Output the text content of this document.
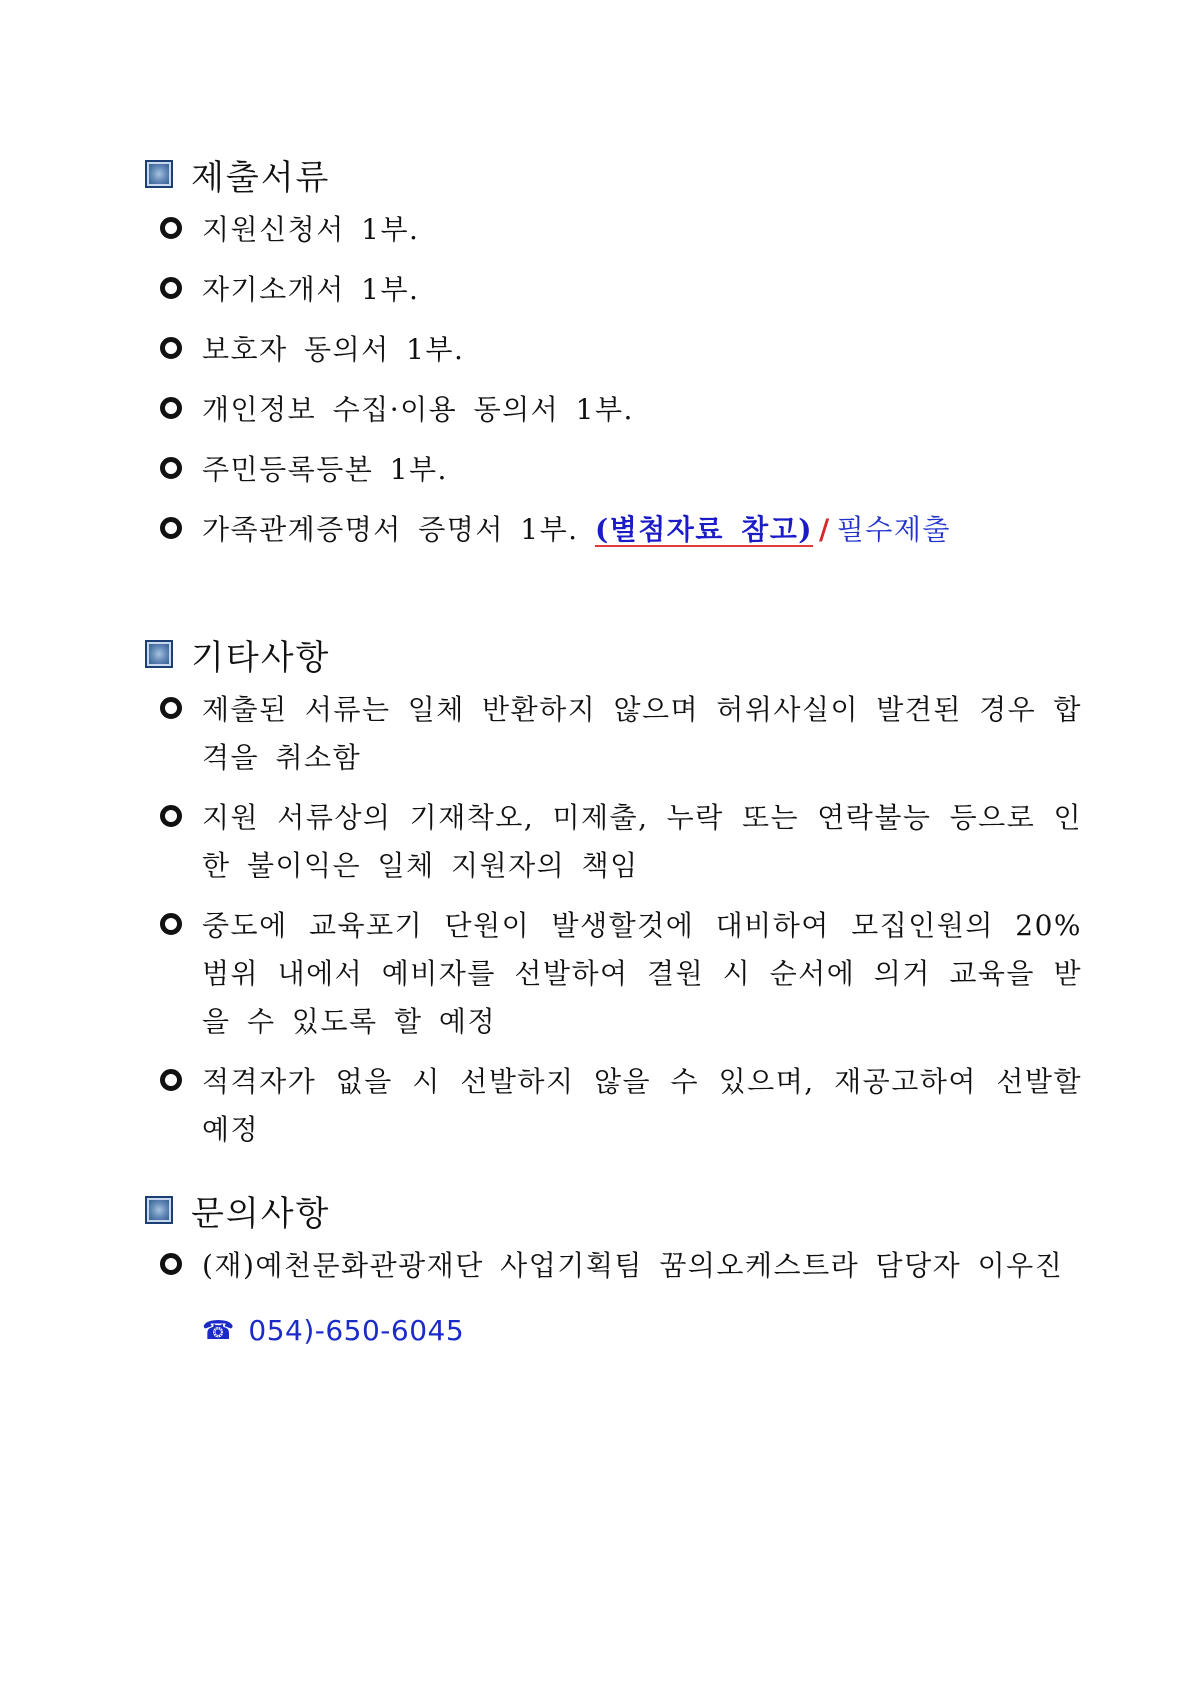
제출서류
지원신청서 1부.
자기소개서 1부.
보호자 동의서 1부.
개인정보 수집·이용 동의서 1부.
주민등록등본 1부.
가족관계증명서 증명서 1부. (별첨자료 참고) / 필수제출
기타사항
제출된 서류는 일체 반환하지 않으며 허위사실이 발견된 경우 합격을 취소함
지원 서류상의 기재착오, 미제출, 누락 또는 연락불능 등으로 인한 불이익은 일체 지원자의 책임
중도에 교육포기 단원이 발생할것에 대비하여 모집인원의 20% 범위 내에서 예비자를 선발하여 결원 시 순서에 의거 교육을 받을 수 있도록 할 예정
적격자가 없을 시 선발하지 않을 수 있으며, 재공고하여 선발할 예정
문의사항
(재)예천문화관광재단 사업기획팀 꿈의오케스트라 담당자 이우진
☎ 054)-650-6045
